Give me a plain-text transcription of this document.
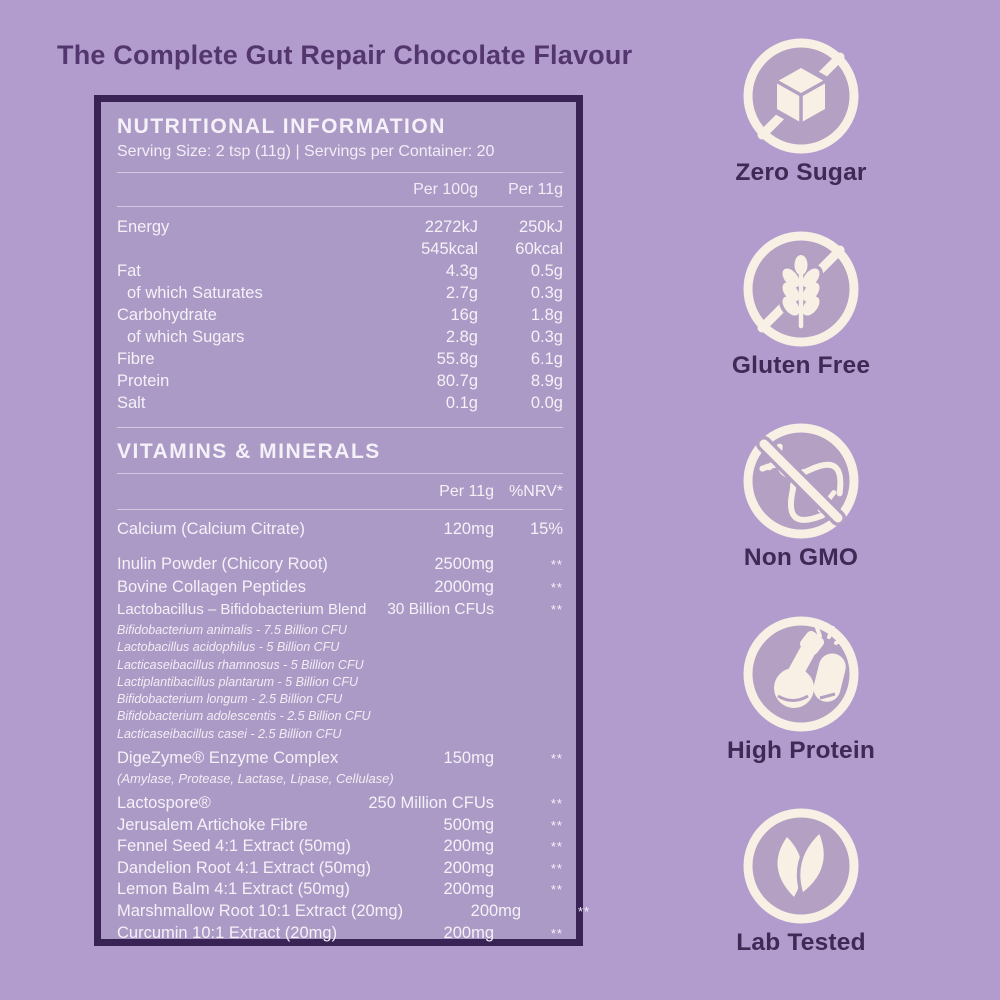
The Complete Gut Repair Chocolate Flavour
NUTRITIONAL INFORMATION
Serving Size: 2 tsp (11g) | Servings per Container: 20
Per 100g	Per 11g
Energy	2272kJ	250kJ
545kcal	60kcal
Fat	4.3g	0.5g
of which Saturates	2.7g	0.3g
Carbohydrate	16g	1.8g
of which Sugars	2.8g	0.3g
Fibre	55.8g	6.1g
Protein	80.7g	8.9g
Salt	0.1g	0.0g
VITAMINS & MINERALS
Per 11g %NRV*
Calcium (Calcium Citrate)	120mg	15%
Inulin Powder (Chicory Root)	2500mg	**
Bovine Collagen Peptides	2000mg	**
Lactobacillus – Bifidobacterium Blend	30 Billion CFUs	**
Bifidobacterium animalis - 7.5 Billion CFU
Lactobacillus acidophilus - 5 Billion CFU
Lacticaseibacillus rhamnosus - 5 Billion CFU
Lactiplantibacillus plantarum - 5 Billion CFU
Bifidobacterium longum - 2.5 Billion CFU
Bifidobacterium adolescentis - 2.5 Billion CFU
Lacticaseibacillus casei - 2.5 Billion CFU
DigeZyme® Enzyme Complex	150mg	**
(Amylase, Protease, Lactase, Lipase, Cellulase)
Lactospore®	250 Million CFUs	**
Jerusalem Artichoke Fibre	500mg	**
Fennel Seed 4:1 Extract (50mg)	200mg	**
Dandelion Root 4:1 Extract (50mg)	200mg	**
Lemon Balm 4:1 Extract (50mg)	200mg	**
Marshmallow Root 10:1 Extract (20mg)	200mg	**
Curcumin 10:1 Extract (20mg)	200mg	**
Zero Sugar
Gluten Free
Non GMO
High Protein
Lab Tested
